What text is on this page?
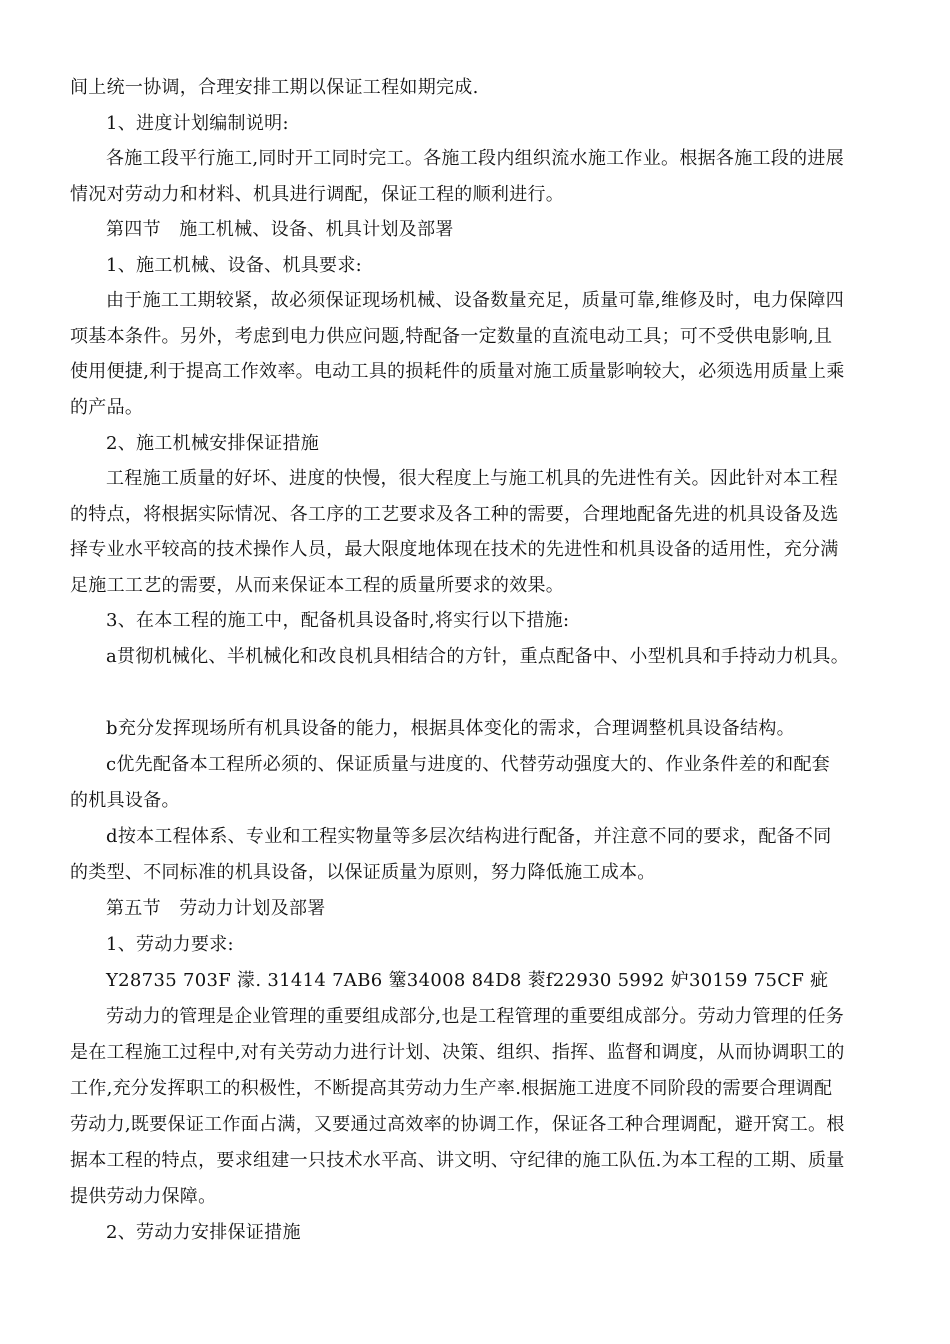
间上统一协调，合理安排工期以保证工程如期完成.
1、进度计划编制说明:
各施工段平行施工,同时开工同时完工。各施工段内组织流水施工作业。根据各施工段的进展
情况对劳动力和材料、机具进行调配，保证工程的顺利进行。
第四节　施工机械、设备、机具计划及部署
1、施工机械、设备、机具要求:
由于施工工期较紧，故必须保证现场机械、设备数量充足，质量可靠,维修及时，电力保障四
项基本条件。另外，考虑到电力供应问题,特配备一定数量的直流电动工具；可不受供电影响,且
使用便捷,利于提高工作效率。电动工具的损耗件的质量对施工质量影响较大，必须选用质量上乘
的产品。
2、施工机械安排保证措施
工程施工质量的好坏、进度的快慢，很大程度上与施工机具的先进性有关。因此针对本工程
的特点，将根据实际情况、各工序的工艺要求及各工种的需要，合理地配备先进的机具设备及选
择专业水平较高的技术操作人员，最大限度地体现在技术的先进性和机具设备的适用性，充分满
足施工工艺的需要，从而来保证本工程的质量所要求的效果。
3、在本工程的施工中，配备机具设备时,将实行以下措施:
a贯彻机械化、半机械化和改良机具相结合的方针，重点配备中、小型机具和手持动力机具。
b充分发挥现场所有机具设备的能力，根据具体变化的需求，合理调整机具设备结构。
c优先配备本工程所必须的、保证质量与进度的、代替劳动强度大的、作业条件差的和配套
的机具设备。
d按本工程体系、专业和工程实物量等多层次结构进行配备，并注意不同的要求，配备不同
的类型、不同标准的机具设备，以保证质量为原则，努力降低施工成本。
第五节　劳动力计划及部署
1、劳动力要求:
Y28735 703F 濛. 31414 7AB6 簺34008 84D8 蓘f22930 5992 妒30159 75CF 疵
劳动力的管理是企业管理的重要组成部分,也是工程管理的重要组成部分。劳动力管理的任务
是在工程施工过程中,对有关劳动力进行计划、决策、组织、指挥、监督和调度，从而协调职工的
工作,充分发挥职工的积极性，不断提高其劳动力生产率.根据施工进度不同阶段的需要合理调配
劳动力,既要保证工作面占满，又要通过高效率的协调工作，保证各工种合理调配，避开窝工。根
据本工程的特点，要求组建一只技术水平高、讲文明、守纪律的施工队伍.为本工程的工期、质量
提供劳动力保障。
2、劳动力安排保证措施
